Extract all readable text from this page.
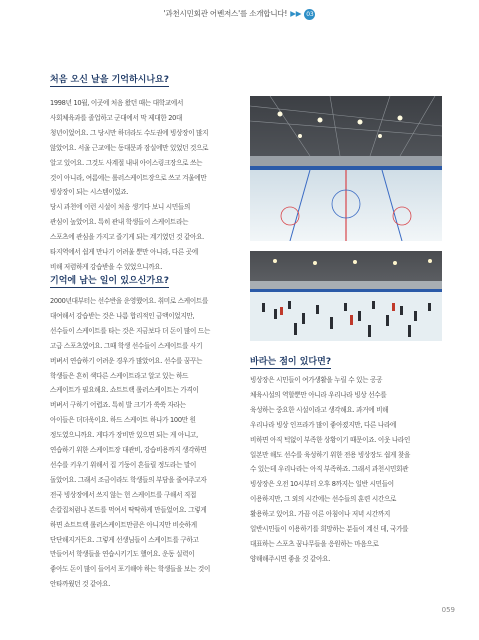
'과천시민회관 어벤저스'를 소개합니다! ▶▶ 03
처음 오신 날을 기억하시나요?
1998년 10월, 이곳에 처음 왔던 때는 대학교에서
사회체육과를 졸업하고 군대에서 막 제대한 20대
청년이었어요. 그 당시만 하더라도 수도권에 빙상장이 많지
않았어요. 서울 근교에는 동대문과 잠실에만 있었던 것으로
알고 있어요. 그것도 사계절 내내 아이스링크장으로 쓰는
것이 아니라, 여름에는 롤러스케이트장으로 쓰고 겨울에만
빙상장이 되는 시스템이었죠.
당시 과천에 이런 시설이 처음 생기다 보니 시민들의
관심이 높았어요. 특히 관내 학생들이 스케이트라는
스포츠에 관심을 가지고 즐기게 되는 계기였던 것 같아요.
타지역에서 쉽게 만나기 어려울 뿐만 아니라, 다른 곳에
비해 저렴하게 강습받을 수 있었으니까요.
기억에 남는 일이 있으신가요?
2000년대부터는 선수반을 운영했어요. 취미로 스케이트를
대여해서 강습받는 것은 나름 합리적인 금액이었지만,
선수들이 스케이트를 타는 것은 지금보다 더 돈이 많이 드는
고급 스포츠였어요. 그때 학생 선수들이 스케이트를 사기
버벼서 연습하기 어려운 경우가 많았어요. 선수를 꿈꾸는
학생들은 흔히 색다른 스케이트라고 알고 있는 하드
스케이트가 필요해요. 쇼트트랙 롤러스케이트는 가격이
버벼서 구하기 어렵죠. 특히 발 크기가 쑥쑥 자라는
아이들은 더더욱이요. 하드 스케이트 하나가 100만 원
정도였으니까요. 게다가 장비만 있으면 되는 게 아니고,
연습하기 위한 스케이트장 대관비, 강습비용까지 생각하면
선수를 키우기 위해서 집 기둥이 흔들릴 정도라는 말이
돌았어요. 그래서 조금이라도 학생들의 부담을 줄여주고자
전국 빙상장에서 쓰지 않는 헌 스케이트를 구해서 직접
손칼집처럼나 본드를 먹여서 딱딱하게 만들었어요. 그렇게
하면 쇼트트랙 롤러스케이트만큼은 아니지만 비슷하게
단단해지거든요. 그렇게 선생님들이 스케이트를 구하고
만들어서 학생들을 연습시키기도 했어요. 운동 실력이
좋아도 돈이 많이 들어서 포기해야 하는 학생들을 보는 것이
안타까웠던 것 같아요.
바라는 점이 있다면?
빙상장은 시민들이 여가생활을 누릴 수 있는 공공
체육시설의 역할뿐만 아니라 우리나라 빙상 선수를
육성하는 중요한 시설이라고 생각해요. 과거에 비해
우리나라 빙상 인프라가 많이 좋아졌지만, 다른 나라에
비하면 아직 턱없이 부족한 상황이기 때문이죠. 이웃 나라인
일본만 해도 선수를 육성하기 위한 전용 빙상장도 쉽게 찾을
수 있는데 우리나라는 아직 부족하죠. 그래서 과천시민회관
빙상장은 오전 10시부터 오후 8까지는 일반 시민들이
이용하지만, 그 외의 시간에는 선수들의 훈련 시간으로
활용하고 있어요. 가끔 이른 아침이나 저녁 시간까지
일반시민들이 이용하기를 희망하는 분들이 계신 데, 국가를
대표하는 스포츠 꿈나무들을 응원하는 마음으로
양해해주시면 좋을 것 같아요.
059
